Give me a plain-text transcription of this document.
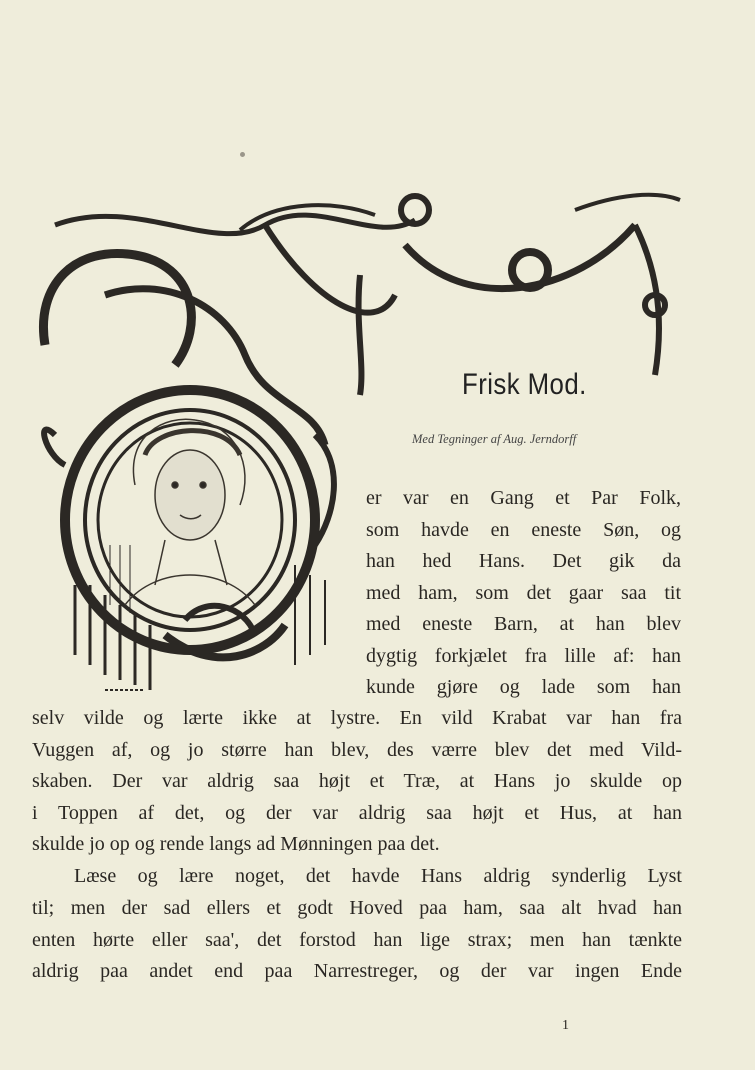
Frisk Mod.
Med Tegninger af Aug. Jerndorff
er var en Gang et Par Folk,
som havde en eneste Søn, og
han hed Hans. Det gik da
med ham, som det gaar saa tit
med eneste Barn, at han blev
dygtig forkjælet fra lille af: han
kunde gjøre og lade som han
selv vilde og lærte ikke at lystre. En vild Krabat var han fra
Vuggen af, og jo større han blev, des værre blev det med Vild-
skaben. Der var aldrig saa højt et Træ, at Hans jo skulde op
i Toppen af det, og der var aldrig saa højt et Hus, at han
skulde jo op og rende langs ad Mønningen paa det.
Læse og lære noget, det havde Hans aldrig synderlig Lyst
til; men der sad ellers et godt Hoved paa ham, saa alt hvad han
enten hørte eller saa', det forstod han lige strax; men han tænkte
aldrig paa andet end paa Narrestreger, og der var ingen Ende
1
